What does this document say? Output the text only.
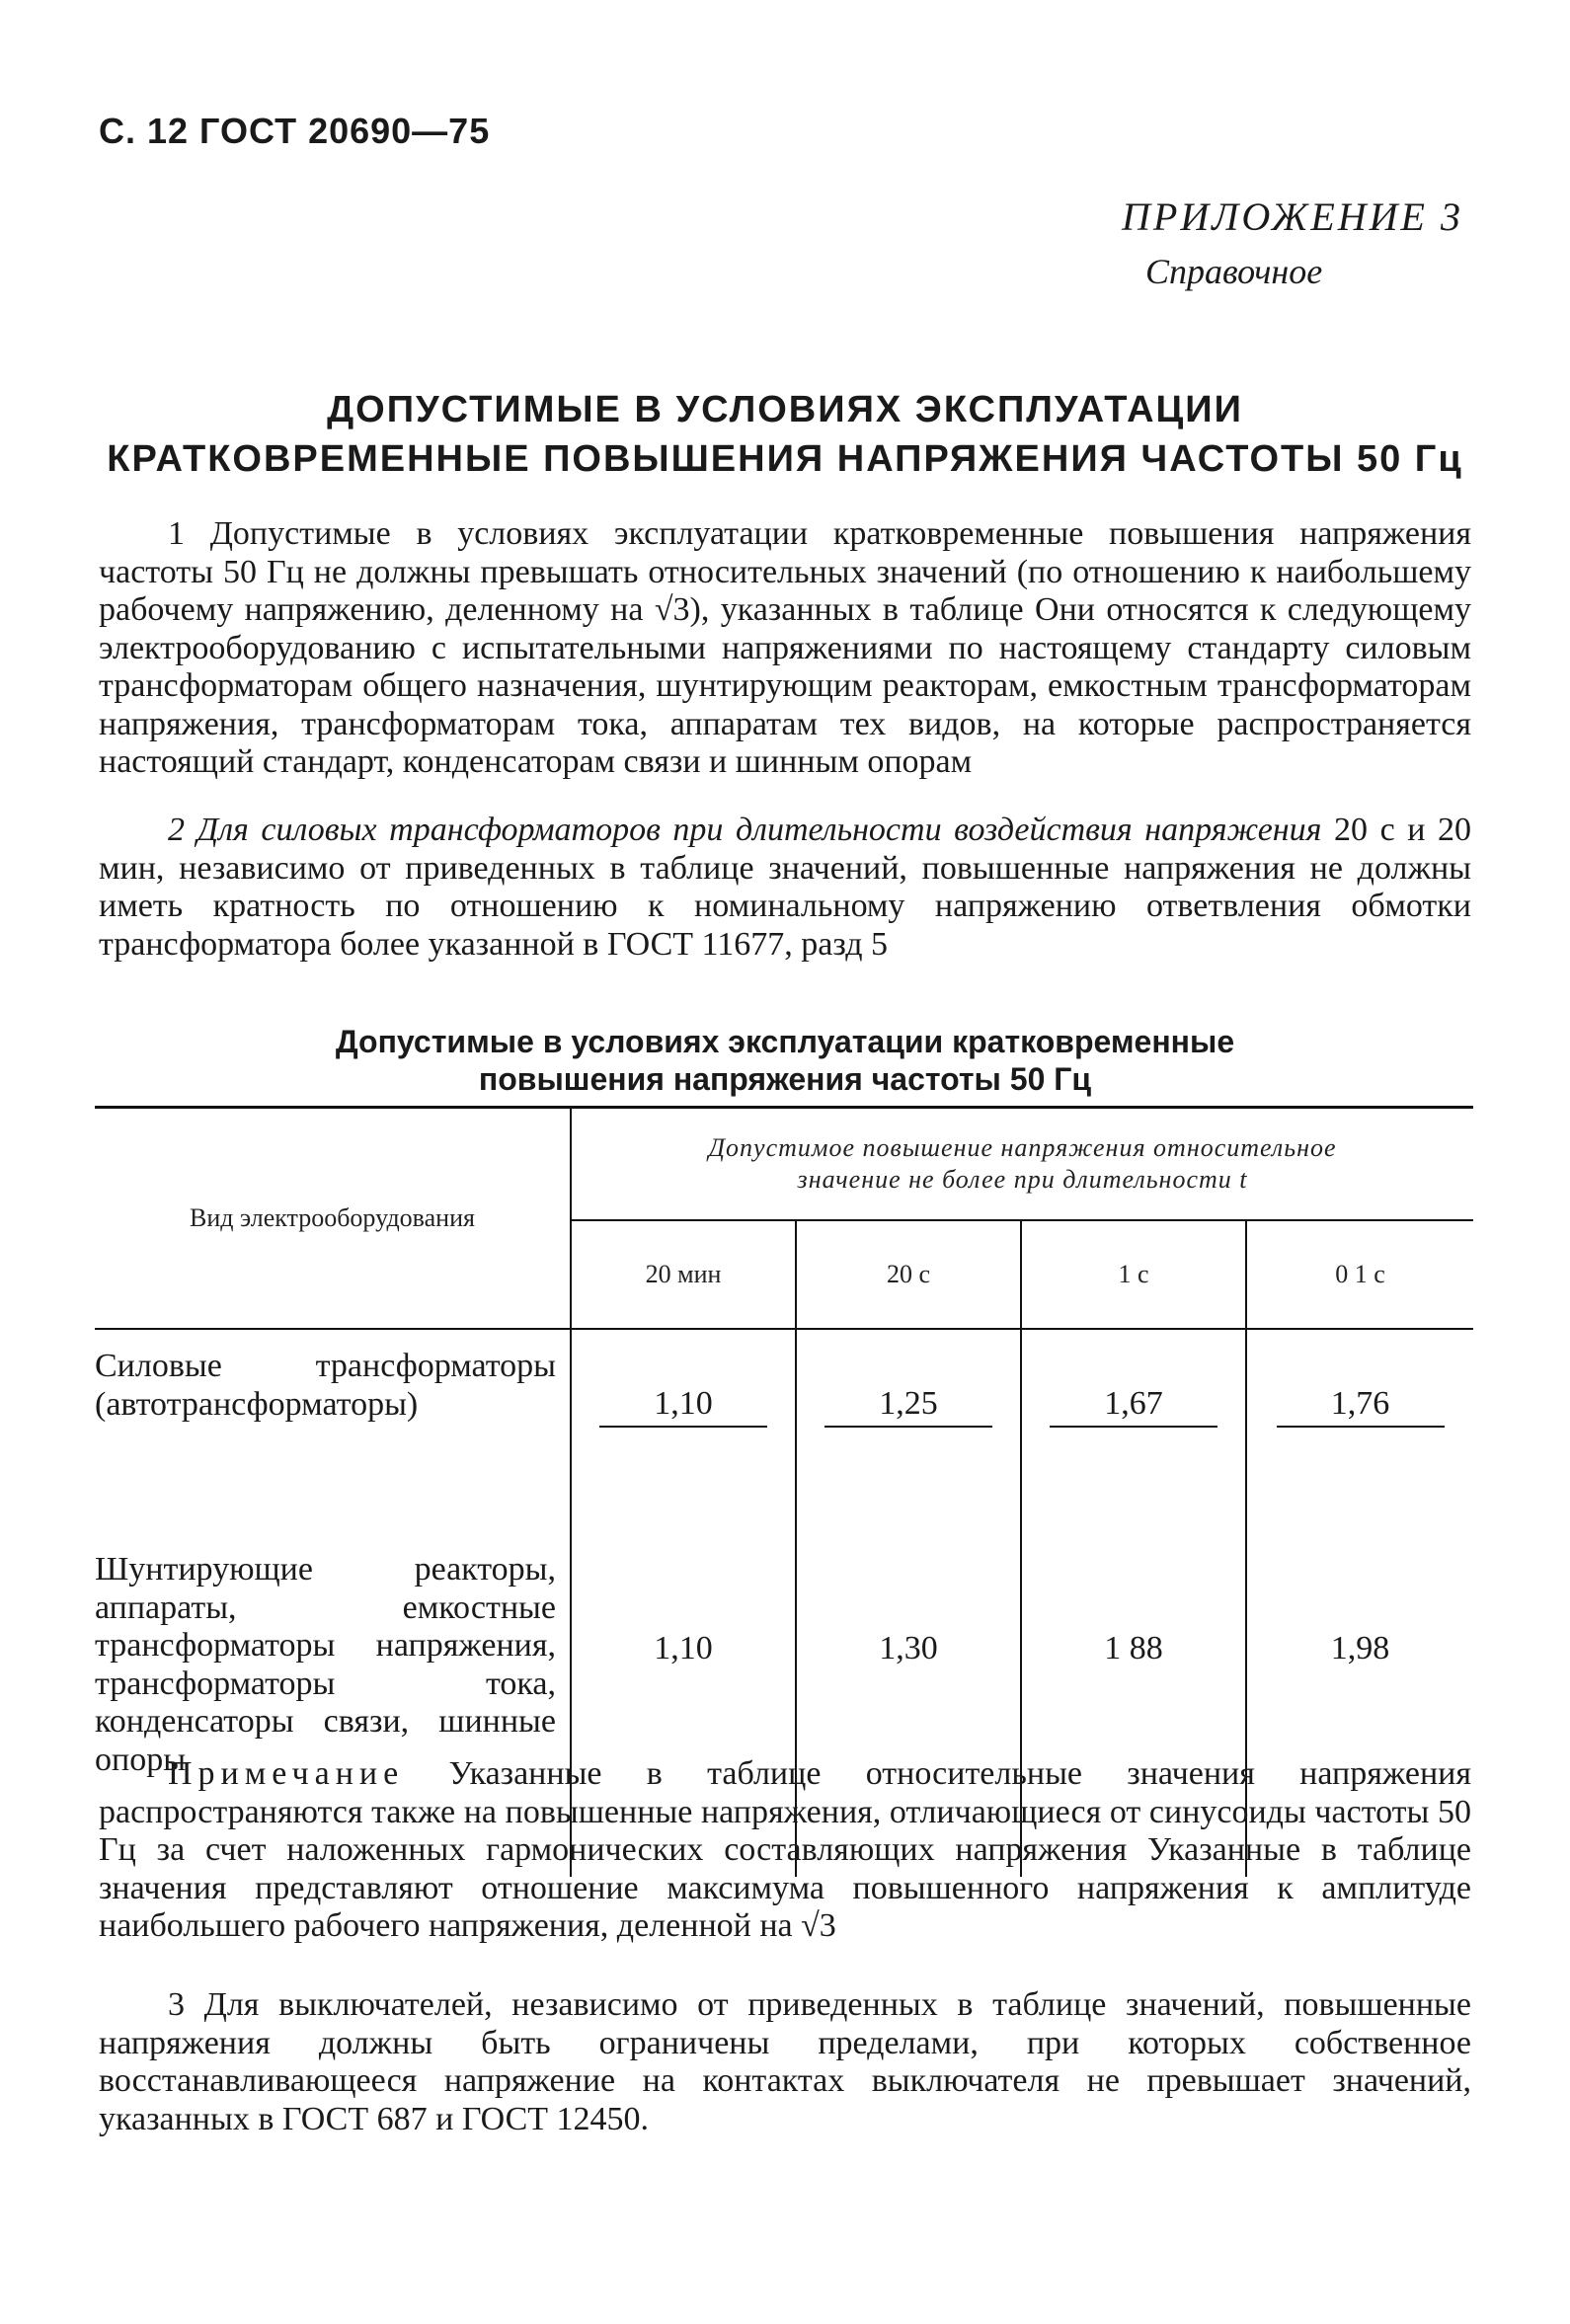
С. 12 ГОСТ 20690—75
ПРИЛОЖЕНИЕ 3
Справочное
ДОПУСТИМЫЕ В УСЛОВИЯХ ЭКСПЛУАТАЦИИ
КРАТКОВРЕМЕННЫЕ ПОВЫШЕНИЯ НАПРЯЖЕНИЯ ЧАСТОТЫ 50 Гц

1 Допустимые в условиях эксплуатации кратковременные повышения напряжения частоты 50 Гц не должны превышать относительных значений (по отношению к наибольшему рабочему напряжению, деленному на √3), указанных в таблице Они относятся к следующему электрооборудованию с испытательными напряжениями по настоящему стандарту силовым трансформаторам общего назначения, шунтирующим реакторам, емкостным трансформаторам напряжения, трансформаторам тока, аппаратам тех видов, на которые распространяется настоящий стандарт, конденсаторам связи и шинным опорам

2 Для силовых трансформаторов при длительности воздействия напряжения 20 с и 20 мин, независимо от приведенных в таблице значений, повышенные напряжения не должны иметь кратность по отношению к номинальному напряжению ответвления обмотки трансформатора более указанной в ГОСТ 11677, разд 5

Допустимые в условиях эксплуатации кратковременные
повышения напряжения частоты 50 Гц
Вид электрооборудования	Допустимое повышение напряжения относительное
значение не более при длительности t			

	20 мин	20 с	1 с	0 1 с
Силовые трансформаторы (автотрансформаторы)	1,10	1,25	1,67	1,76
Шунтирующие реакторы, аппараты, емкостные трансформаторы напряжения, трансформаторы тока, конденсаторы связи, шинные опоры	1,10	1,30	1 88	1,98

Примечание Указанные в таблице относительные значения напряжения распространяются также на повышенные напряжения, отличающиеся от синусоиды частоты 50 Гц за счет наложенных гармонических составляющих напряжения Указанные в таблице значения представляют отношение максимума повышенного напряжения к амплитуде наибольшего рабочего напряжения, деленной на √3

3 Для выключателей, независимо от приведенных в таблице значений, повышенные напряжения должны быть ограничены пределами, при которых собственное восстанавливающееся напряжение на контактах выключателя не превышает значений, указанных в ГОСТ 687 и ГОСТ 12450.
